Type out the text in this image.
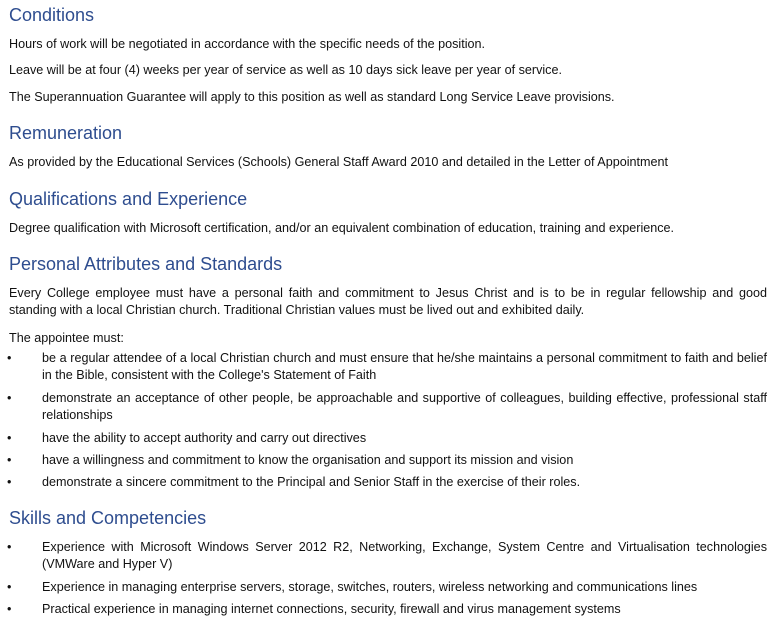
Conditions

Hours of work will be negotiated in accordance with the specific needs of the position.

Leave will be at four (4) weeks per year of service as well as 10 days sick leave per year of service.

The Superannuation Guarantee will apply to this position as well as standard Long Service Leave provisions.

Remuneration

As provided by the Educational Services (Schools) General Staff Award 2010 and detailed in the Letter of Appointment

Qualifications and Experience

Degree qualification with Microsoft certification, and/or an equivalent combination of education, training and experience.

Personal Attributes and Standards

Every College employee must have a personal faith and commitment to Jesus Christ and is to be in regular fellowship and good standing with a local Christian church. Traditional Christian values must be lived out and exhibited daily.

The appointee must:

• be a regular attendee of a local Christian church and must ensure that he/she maintains a personal commitment to faith and belief in the Bible, consistent with the College's Statement of Faith

• demonstrate an acceptance of other people, be approachable and supportive of colleagues, building effective, professional staff relationships

• have the ability to accept authority and carry out directives

• have a willingness and commitment to know the organisation and support its mission and vision

• demonstrate a sincere commitment to the Principal and Senior Staff in the exercise of their roles.

Skills and Competencies
• Experience with Microsoft Windows Server 2012 R2, Networking, Exchange, System Centre and Virtualisation technologies (VMWare and Hyper V)

• Experience in managing enterprise servers, storage, switches, routers, wireless networking and communications lines

• Practical experience in managing internet connections, security, firewall and virus management systems
